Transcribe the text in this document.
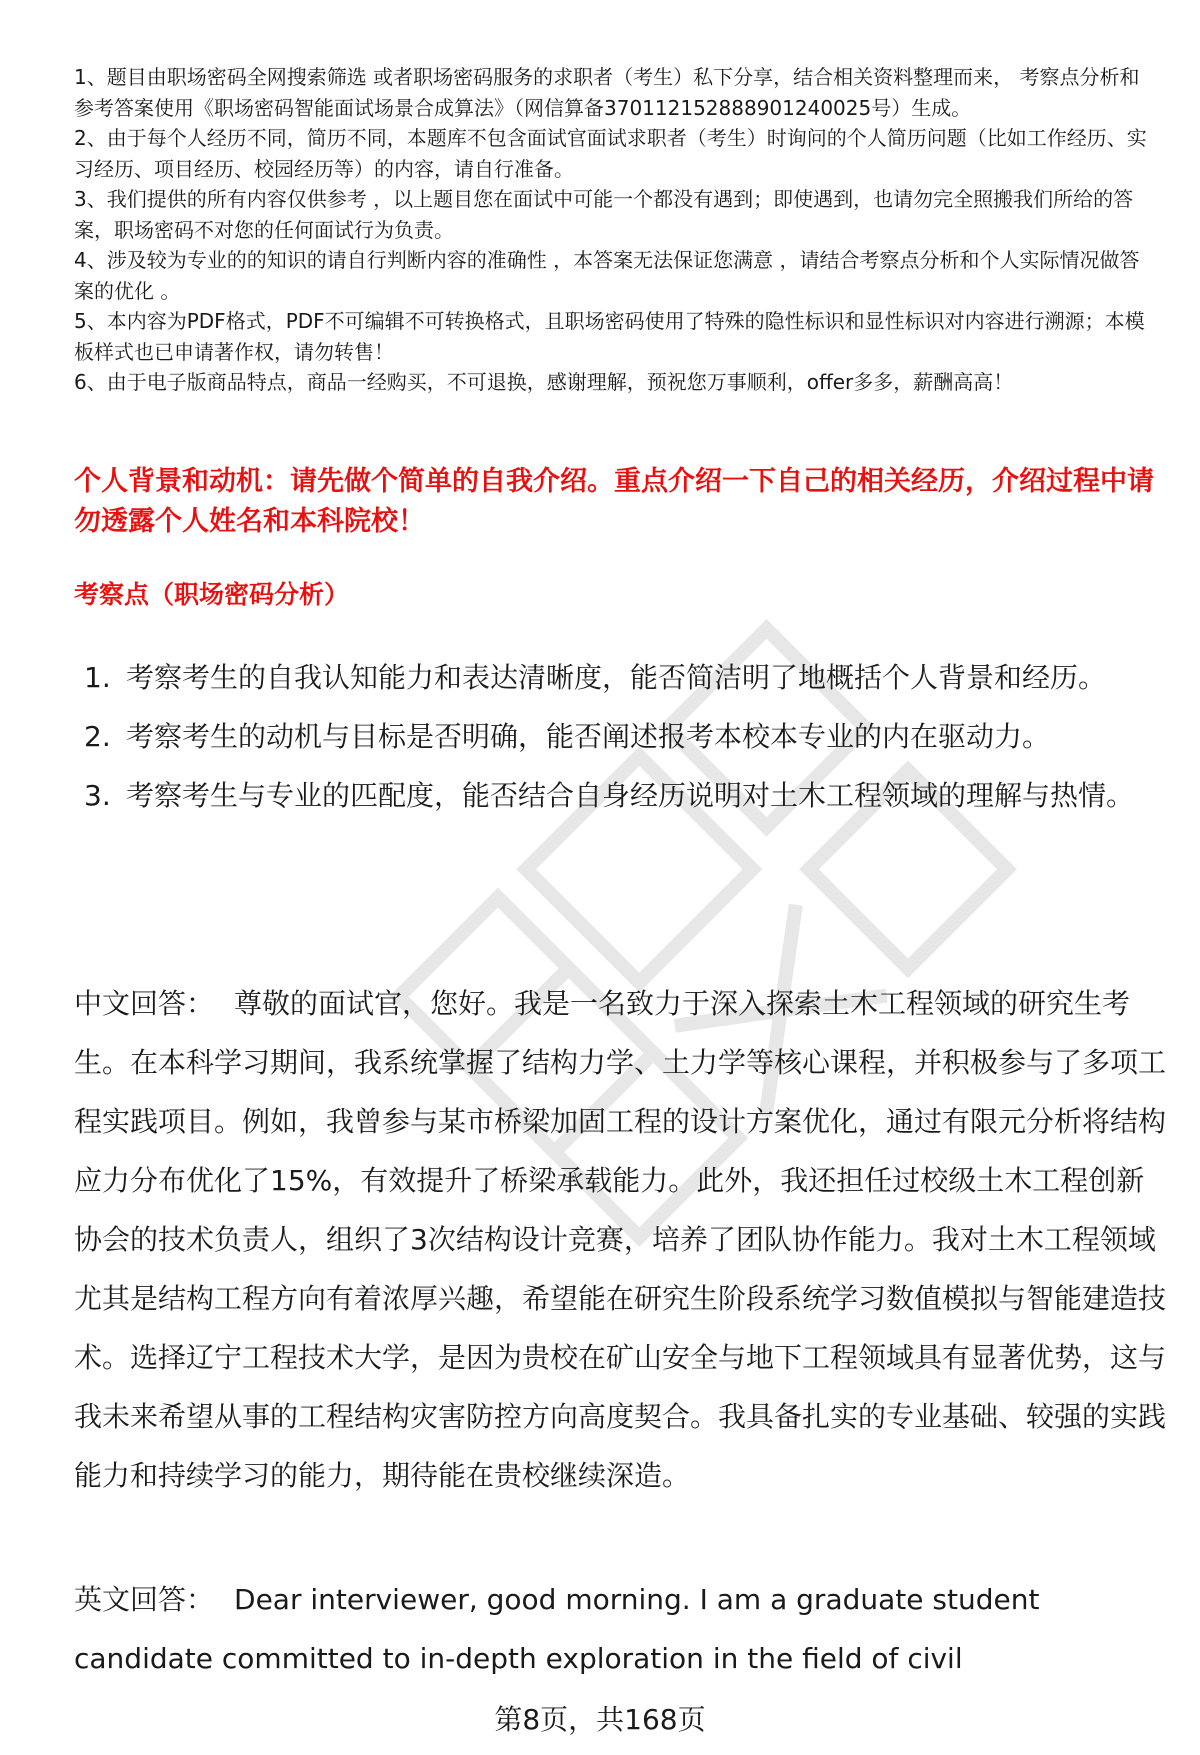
1、题目由职场密码全网搜索筛选 或者职场密码服务的求职者（考生）私下分享，结合相关资料整理而来， 考察点分析和参考答案使用《职场密码智能面试场景合成算法》（网信算备370112152888901240025号）生成。
2、由于每个人经历不同，简历不同，本题库不包含面试官面试求职者（考生）时询问的个人简历问题（比如工作经历、实习经历、项目经历、校园经历等）的内容，请自行准备。
3、我们提供的所有内容仅供参考 ，以上题目您在面试中可能一个都没有遇到；即使遇到，也请勿完全照搬我们所给的答案，职场密码不对您的任何面试行为负责。
4、涉及较为专业的的知识的请自行判断内容的准确性 ，本答案无法保证您满意 ，请结合考察点分析和个人实际情况做答案的优化 。
5、本内容为PDF格式，PDF不可编辑不可转换格式，且职场密码使用了特殊的隐性标识和显性标识对内容进行溯源；本模板样式也已申请著作权，请勿转售！
6、由于电子版商品特点，商品一经购买，不可退换，感谢理解，预祝您万事顺利，offer多多，薪酬高高！

个人背景和动机：请先做个简单的自我介绍。重点介绍一下自己的相关经历，介绍过程中请勿透露个人姓名和本科院校！

考察点（职场密码分析）
1. 考察考生的自我认知能力和表达清晰度，能否简洁明了地概括个人背景和经历。
2. 考察考生的动机与目标是否明确，能否阐述报考本校本专业的内在驱动力。
3. 考察考生与专业的匹配度，能否结合自身经历说明对土木工程领域的理解与热情。

中文回答： 尊敬的面试官，您好。我是一名致力于深入探索土木工程领域的研究生考生。在本科学习期间，我系统掌握了结构力学、土力学等核心课程，并积极参与了多项工程实践项目。例如，我曾参与某市桥梁加固工程的设计方案优化，通过有限元分析将结构应力分布优化了15%，有效提升了桥梁承载能力。此外，我还担任过校级土木工程创新协会的技术负责人，组织了3次结构设计竞赛，培养了团队协作能力。我对土木工程领域尤其是结构工程方向有着浓厚兴趣，希望能在研究生阶段系统学习数值模拟与智能建造技术。选择辽宁工程技术大学，是因为贵校在矿山安全与地下工程领域具有显著优势，这与我未来希望从事的工程结构灾害防控方向高度契合。我具备扎实的专业基础、较强的实践能力和持续学习的能力，期待能在贵校继续深造。

英文回答： Dear interviewer, good morning. I am a graduate student candidate committed to in-depth exploration in the field of civil

第8页，共168页
